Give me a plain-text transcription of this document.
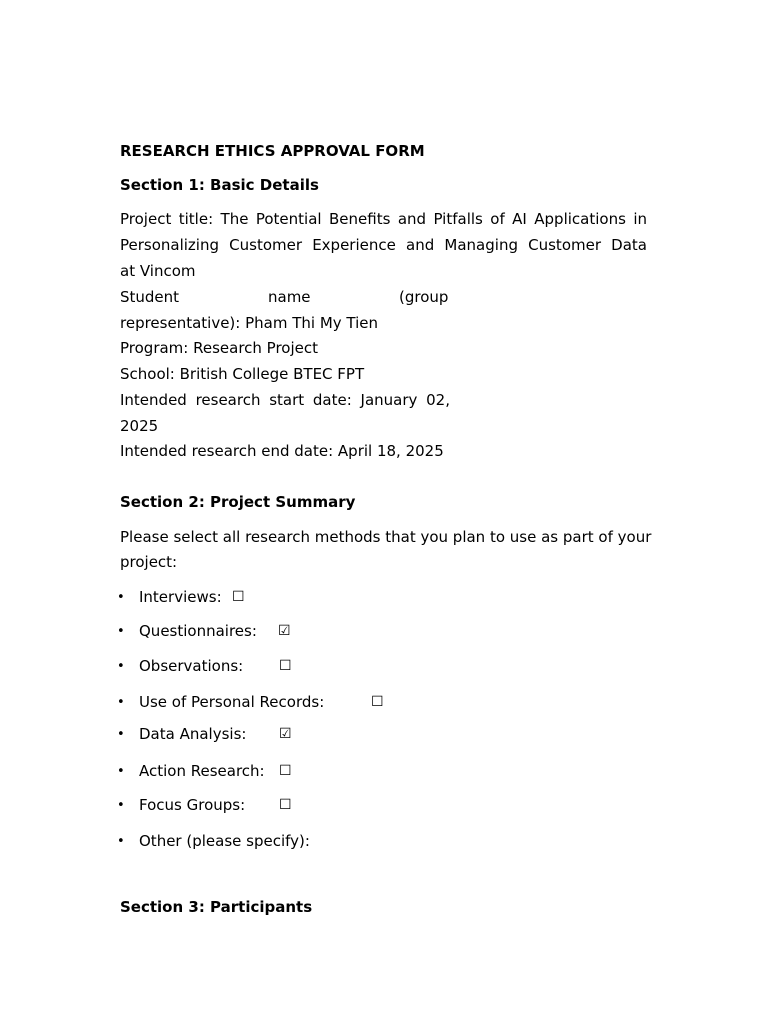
RESEARCH ETHICS APPROVAL FORM
Section 1: Basic Details
Project title: The Potential Benefits and Pitfalls of AI Applications in
Personalizing Customer Experience and Managing Customer Data
at Vincom
Student	name	(group
representative): Pham Thi My Tien
Program: Research Project
School: British College BTEC FPT
Intended research start date: January 02,
2025
Intended research end date: April 18, 2025
Section 2: Project Summary
Please select all research methods that you plan to use as part of your
project:
• Interviews: ☐
• Questionnaires: ☑
• Observations:	☐
• Use of Personal Records:	☐
• Data Analysis: ☑
• Action Research: ☐
• Focus Groups: ☐
• Other (please specify):
Section 3: Participants
